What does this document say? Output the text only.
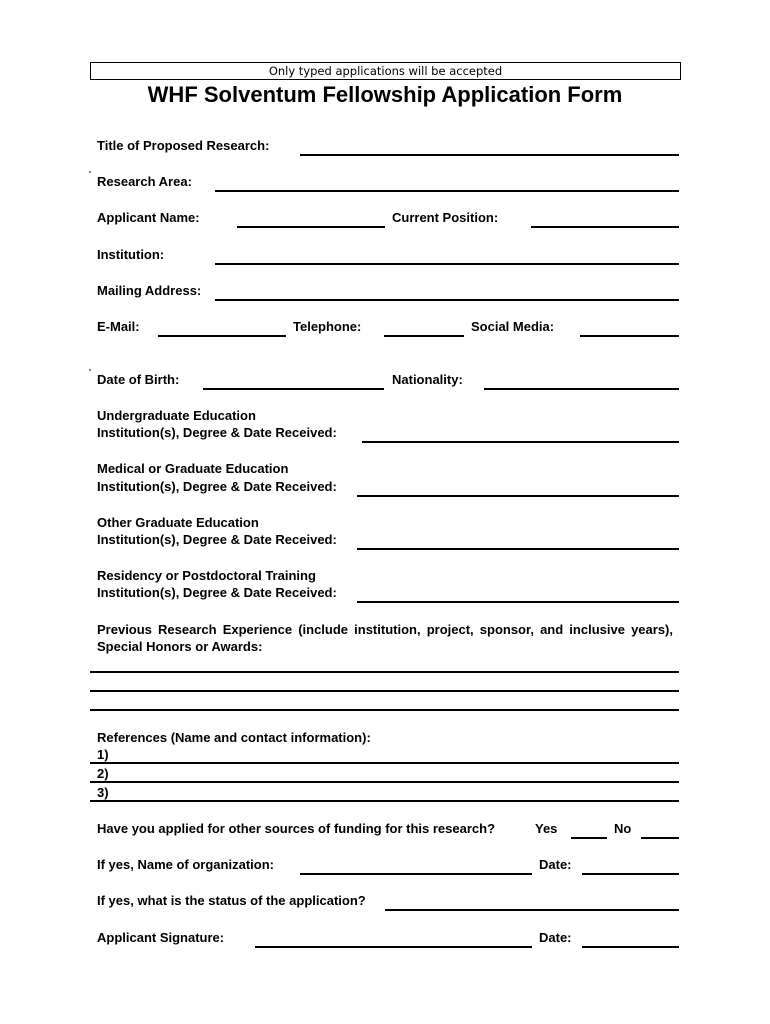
Only typed applications will be accepted
WHF Solventum Fellowship Application Form
Title of Proposed Research:
Research Area:
Applicant Name:	Current Position:
Institution:
Mailing Address:
E-Mail:	Telephone:	Social Media:
Date of Birth:	Nationality:
Undergraduate Education
Institution(s), Degree & Date Received:
Medical or Graduate Education
Institution(s), Degree & Date Received:
Other Graduate Education
Institution(s), Degree & Date Received:
Residency or Postdoctoral Training
Institution(s), Degree & Date Received:
Previous Research Experience (include institution, project, sponsor, and inclusive years), Special Honors or Awards:
References (Name and contact information):
1)
2)
3)
Have you applied for other sources of funding for this research?	Yes	No
If yes, Name of organization:	Date:
If yes, what is the status of the application?
Applicant Signature:	Date:
